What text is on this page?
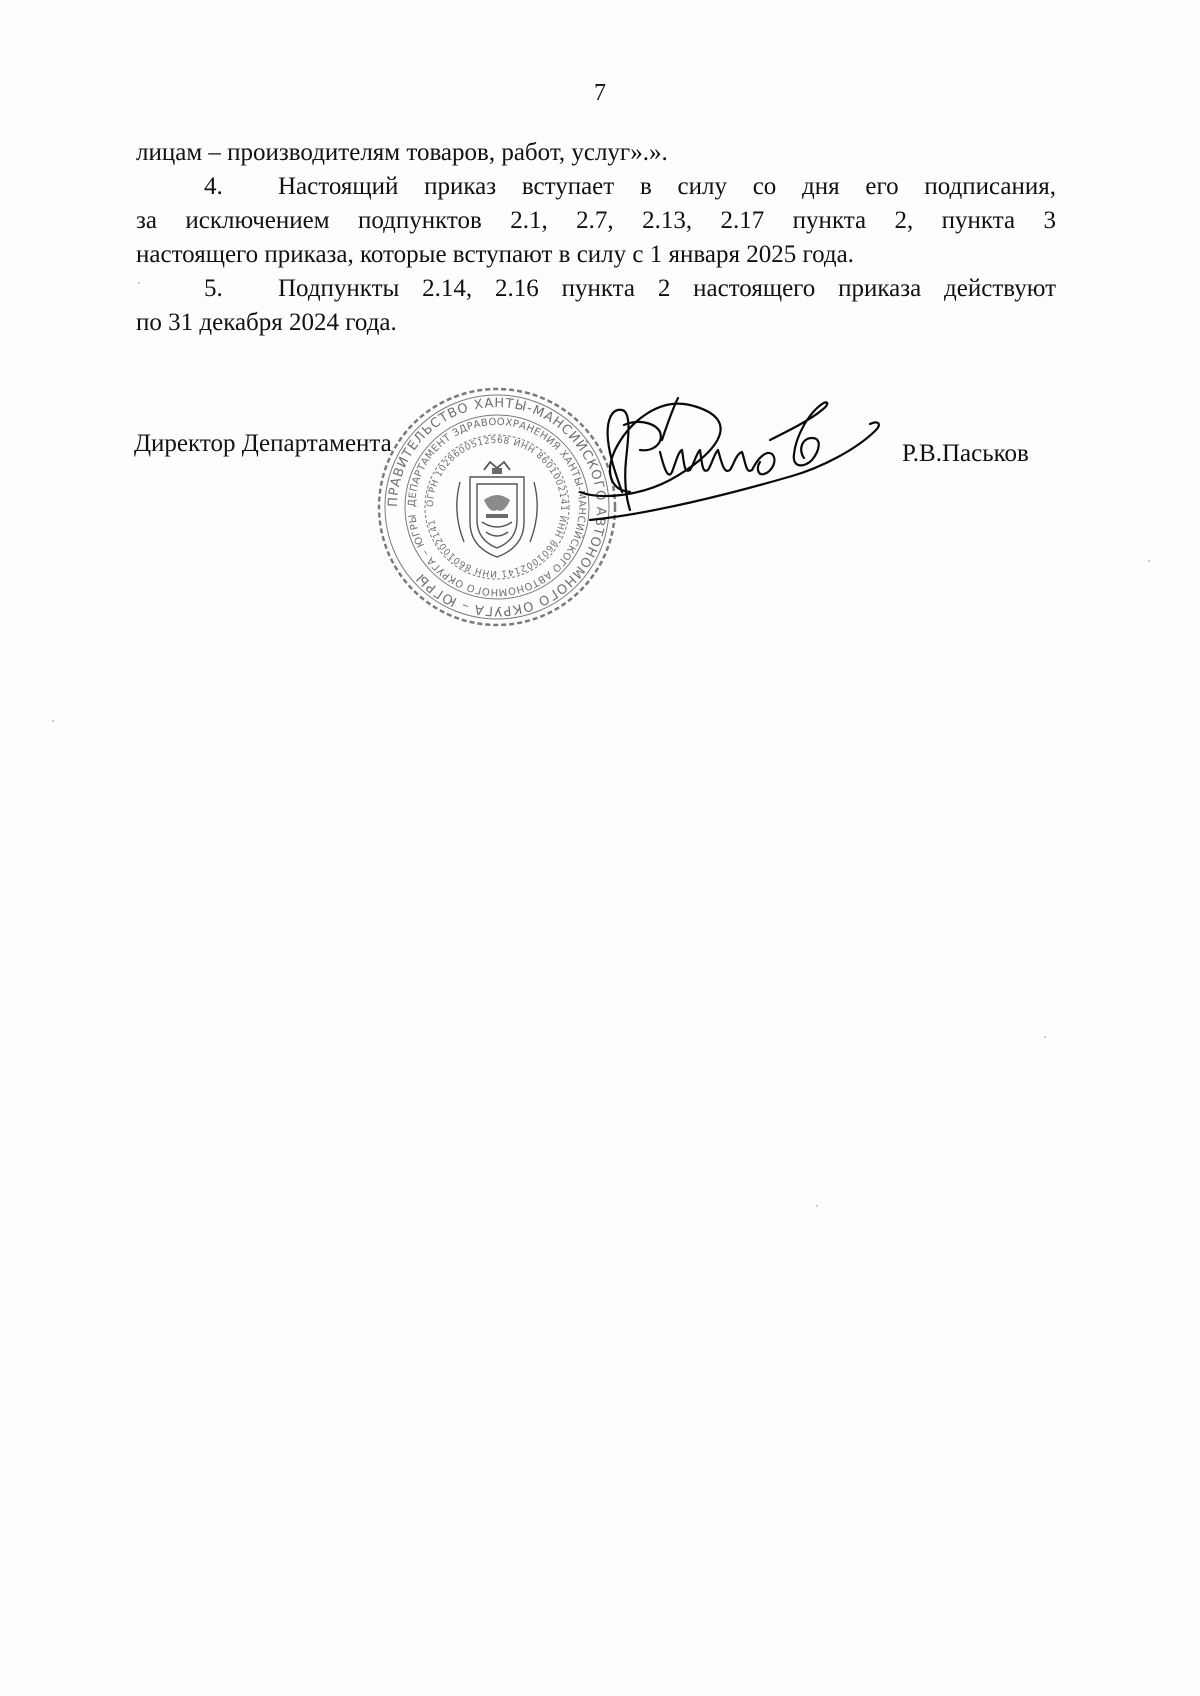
7
лицам – производителям товаров, работ, услуг».».
4. Настоящий приказ вступает в силу со дня его подписания,
за исключением подпунктов 2.1, 2.7, 2.13, 2.17 пункта 2, пункта 3
настоящего приказа, которые вступают в силу с 1 января 2025 года.
5. Подпункты 2.14, 2.16 пункта 2 настоящего приказа действуют
по 31 декабря 2024 года.
ПРАВИТЕЛЬСТВО ХАНТЫ-МАНСИЙСКОГО АВТОНОМНОГО ОКРУГА – ЮГРЫ
ДЕПАРТАМЕНТ ЗДРАВООХРАНЕНИЯ ХАНТЫ-МАНСИЙСКОГО АВТОНОМНОГО ОКРУГА – ЮГРЫ
ОГРН 1028600512568 ИНН 8601002141 ИНН 8601002141 ИНН 8601002141
Директор Департамента	Р.В.Паськов
